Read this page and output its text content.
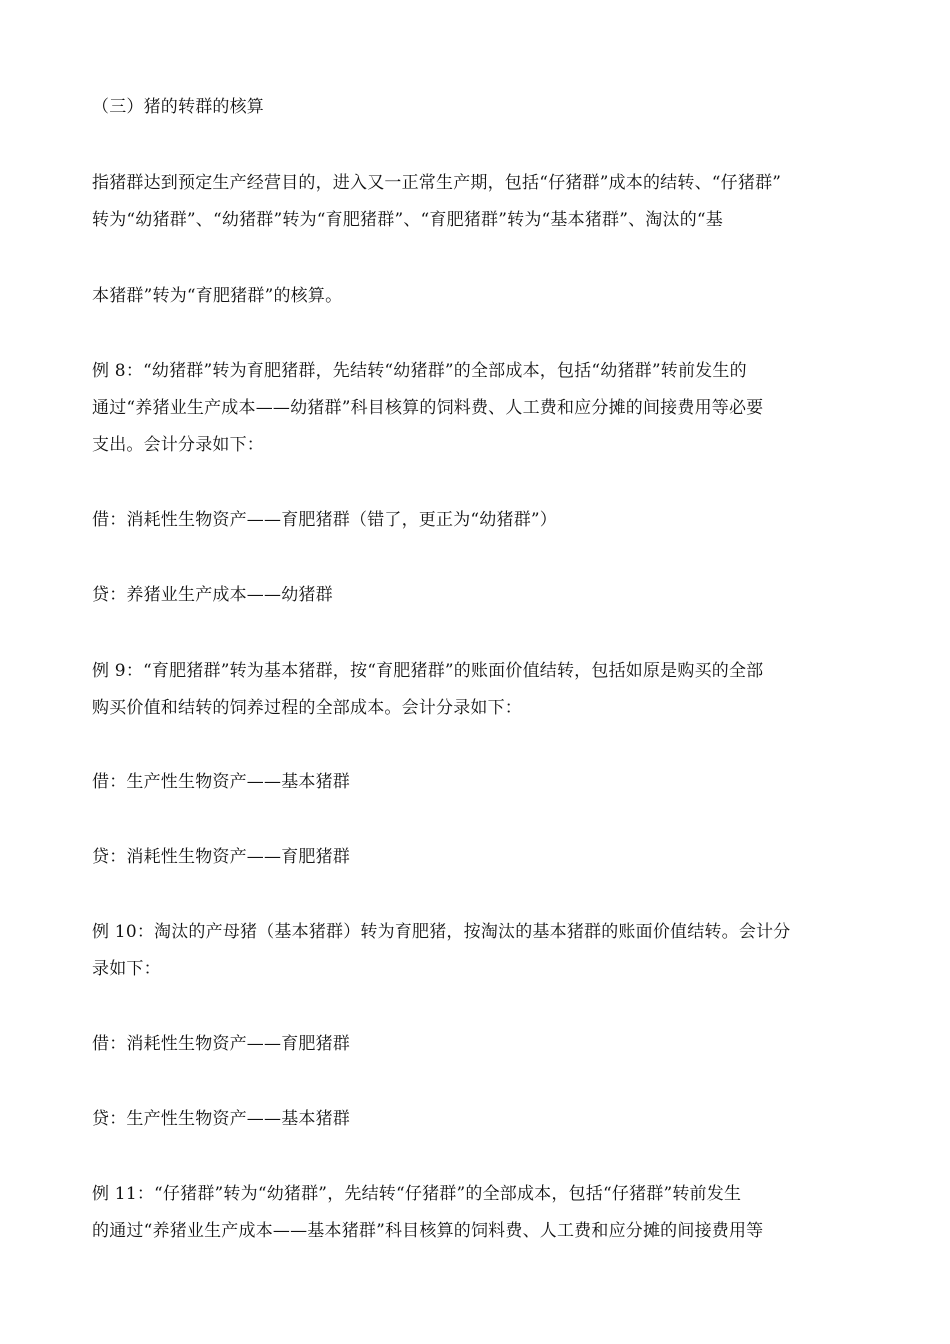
（三）猪的转群的核算
指猪群达到预定生产经营目的，进入又一正常生产期，包括“仔猪群”成本的结转、“仔猪群”
转为“幼猪群”、“幼猪群”转为“育肥猪群”、“育肥猪群”转为“基本猪群”、淘汰的“基
本猪群”转为“育肥猪群”的核算。
例 8：“幼猪群”转为育肥猪群，先结转“幼猪群”的全部成本，包括“幼猪群”转前发生的
通过“养猪业生产成本——幼猪群”科目核算的饲料费、人工费和应分摊的间接费用等必要
支出。会计分录如下：
借：消耗性生物资产——育肥猪群（错了，更正为“幼猪群”）
贷：养猪业生产成本——幼猪群
例 9：“育肥猪群”转为基本猪群，按“育肥猪群”的账面价值结转，包括如原是购买的全部
购买价值和结转的饲养过程的全部成本。会计分录如下：
借：生产性生物资产——基本猪群
贷：消耗性生物资产——育肥猪群
例 10：淘汰的产母猪（基本猪群）转为育肥猪，按淘汰的基本猪群的账面价值结转。会计分
录如下：
借：消耗性生物资产——育肥猪群
贷：生产性生物资产——基本猪群
例 11：“仔猪群”转为“幼猪群”，先结转“仔猪群”的全部成本，包括“仔猪群”转前发生
的通过“养猪业生产成本——基本猪群”科目核算的饲料费、人工费和应分摊的间接费用等
